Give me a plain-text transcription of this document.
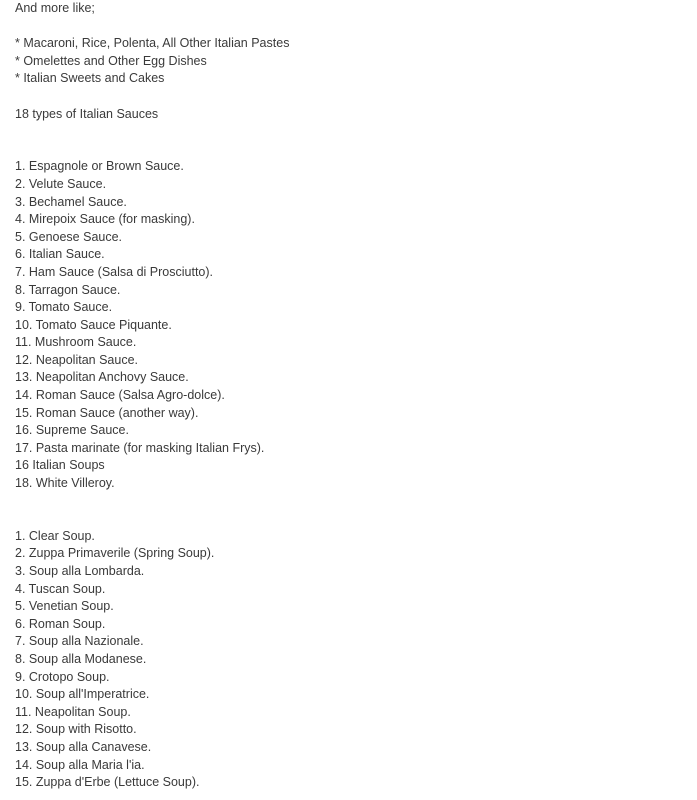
And more like;
* Macaroni, Rice, Polenta, All Other Italian Pastes
* Omelettes and Other Egg Dishes
* Italian Sweets and Cakes
18 types of Italian Sauces
1. Espagnole or Brown Sauce.
2. Velute Sauce.
3. Bechamel Sauce.
4. Mirepoix Sauce (for masking).
5. Genoese Sauce.
6. Italian Sauce.
7. Ham Sauce (Salsa di Prosciutto).
8. Tarragon Sauce.
9. Tomato Sauce.
10. Tomato Sauce Piquante.
11. Mushroom Sauce.
12. Neapolitan Sauce.
13. Neapolitan Anchovy Sauce.
14. Roman Sauce (Salsa Agro-dolce).
15. Roman Sauce (another way).
16. Supreme Sauce.
17. Pasta marinate (for masking Italian Frys).
16 Italian Soups
18. White Villeroy.
1. Clear Soup.
2. Zuppa Primaverile (Spring Soup).
3. Soup alla Lombarda.
4. Tuscan Soup.
5. Venetian Soup.
6. Roman Soup.
7. Soup alla Nazionale.
8. Soup alla Modanese.
9. Crotopo Soup.
10. Soup all'Imperatrice.
11. Neapolitan Soup.
12. Soup with Risotto.
13. Soup alla Canavese.
14. Soup alla Maria l'ia.
15. Zuppa d'Erbe (Lettuce Soup).
